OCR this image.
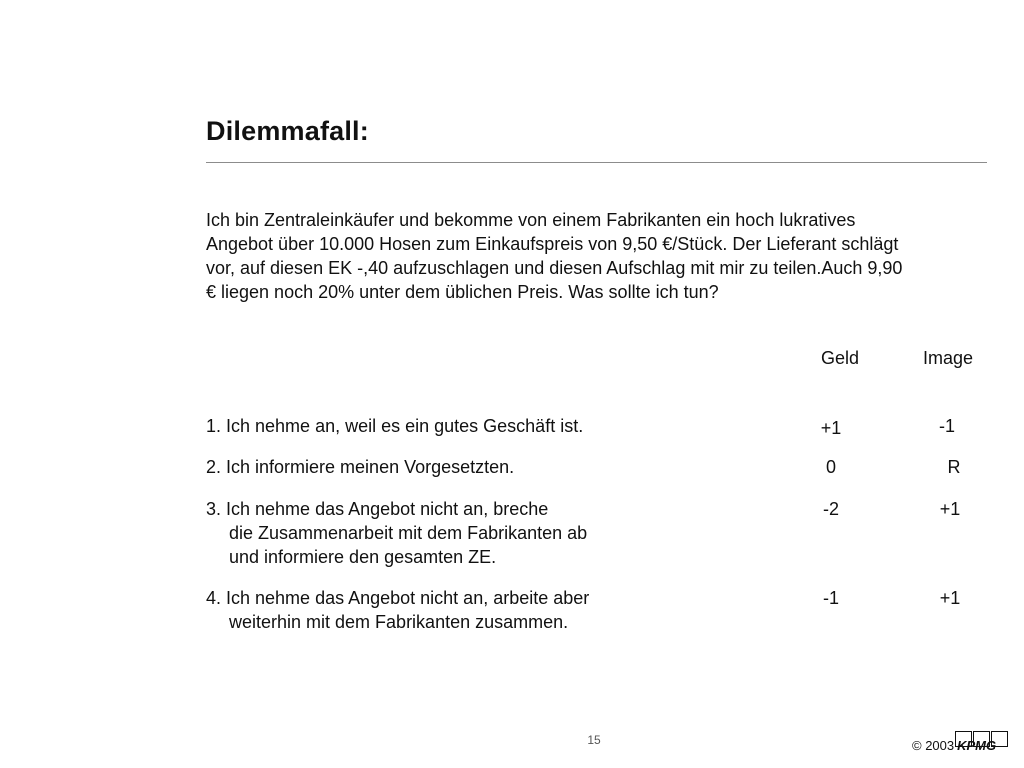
Dilemmafall:
Ich bin Zentraleinkäufer und bekomme von einem Fabrikanten ein hoch lukratives
Angebot über 10.000 Hosen zum Einkaufspreis von 9,50 €/Stück. Der Lieferant schlägt
vor, auf diesen EK -,40 aufzuschlagen und diesen Aufschlag mit mir zu teilen.Auch 9,90
€ liegen noch 20% unter dem üblichen Preis. Was sollte ich tun?
Geld	Image
1. Ich nehme an, weil es ein gutes Geschäft ist.	+1	-1
2. Ich informiere meinen Vorgesetzten.	0	R
3. Ich nehme das Angebot nicht an, breche
die Zusammenarbeit mit dem Fabrikanten ab
und informiere den gesamten ZE.
-2	+1
4. Ich nehme das Angebot nicht an, arbeite aber
weiterhin mit dem Fabrikanten zusammen.
-1	+1
15	© 2003 KPMG
